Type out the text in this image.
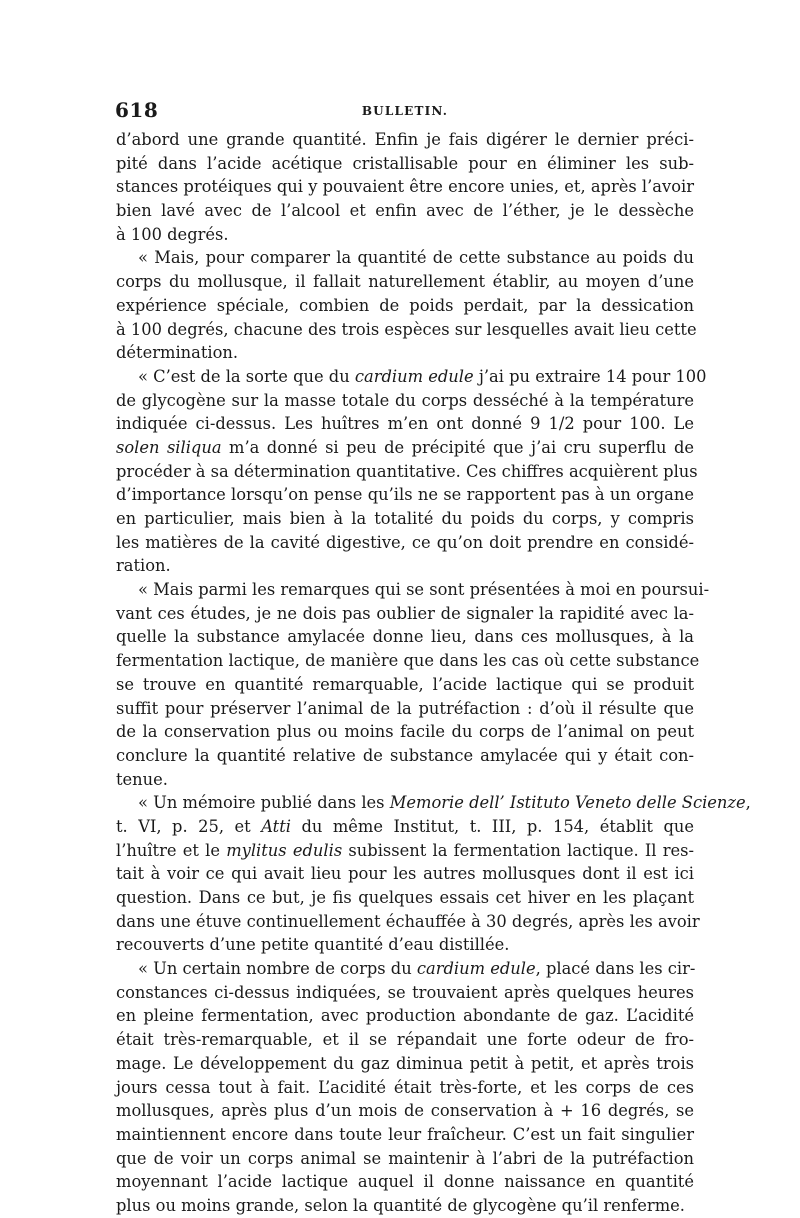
618	BULLETIN.
d’abord une grande quantité. Enfin je fais digérer le dernier préci-
pité dans l’acide acétique cristallisable pour en éliminer les sub-
stances protéiques qui y pouvaient être encore unies, et, après l’avoir
bien lavé avec de l’alcool et enfin avec de l’éther, je le dessèche
à 100 degrés.
« Mais, pour comparer la quantité de cette substance au poids du
corps du mollusque, il fallait naturellement établir, au moyen d’une
expérience spéciale, combien de poids perdait, par la dessication
à 100 degrés, chacune des trois espèces sur lesquelles avait lieu cette
détermination.
« C’est de la sorte que du cardium edule j’ai pu extraire 14 pour 100
de glycogène sur la masse totale du corps desséché à la température
indiquée ci-dessus. Les huîtres m’en ont donné 9 1/2 pour 100. Le
solen siliqua m’a donné si peu de précipité que j’ai cru superflu de
procéder à sa détermination quantitative. Ces chiffres acquièrent plus
d’importance lorsqu’on pense qu’ils ne se rapportent pas à un organe
en particulier, mais bien à la totalité du poids du corps, y compris
les matières de la cavité digestive, ce qu’on doit prendre en considé-
ration.
« Mais parmi les remarques qui se sont présentées à moi en poursui-
vant ces études, je ne dois pas oublier de signaler la rapidité avec la-
quelle la substance amylacée donne lieu, dans ces mollusques, à la
fermentation lactique, de manière que dans les cas où cette substance
se trouve en quantité remarquable, l’acide lactique qui se produit
suffit pour préserver l’animal de la putréfaction : d’où il résulte que
de la conservation plus ou moins facile du corps de l’animal on peut
conclure la quantité relative de substance amylacée qui y était con-
tenue.
« Un mémoire publié dans les Memorie dell’ Istituto Veneto delle Scienze,
t. VI, p. 25, et Atti du même Institut, t. III, p. 154, établit que
l’huître et le mylitus edulis subissent la fermentation lactique. Il res-
tait à voir ce qui avait lieu pour les autres mollusques dont il est ici
question. Dans ce but, je fis quelques essais cet hiver en les plaçant
dans une étuve continuellement échauffée à 30 degrés, après les avoir
recouverts d’une petite quantité d’eau distillée.
« Un certain nombre de corps du cardium edule, placé dans les cir-
constances ci-dessus indiquées, se trouvaient après quelques heures
en pleine fermentation, avec production abondante de gaz. L’acidité
était très-remarquable, et il se répandait une forte odeur de fro-
mage. Le développement du gaz diminua petit à petit, et après trois
jours cessa tout à fait. L’acidité était très-forte, et les corps de ces
mollusques, après plus d’un mois de conservation à + 16 degrés, se
maintiennent encore dans toute leur fraîcheur. C’est un fait singulier
que de voir un corps animal se maintenir à l’abri de la putréfaction
moyennant l’acide lactique auquel il donne naissance en quantité
plus ou moins grande, selon la quantité de glycogène qu’il renferme.
